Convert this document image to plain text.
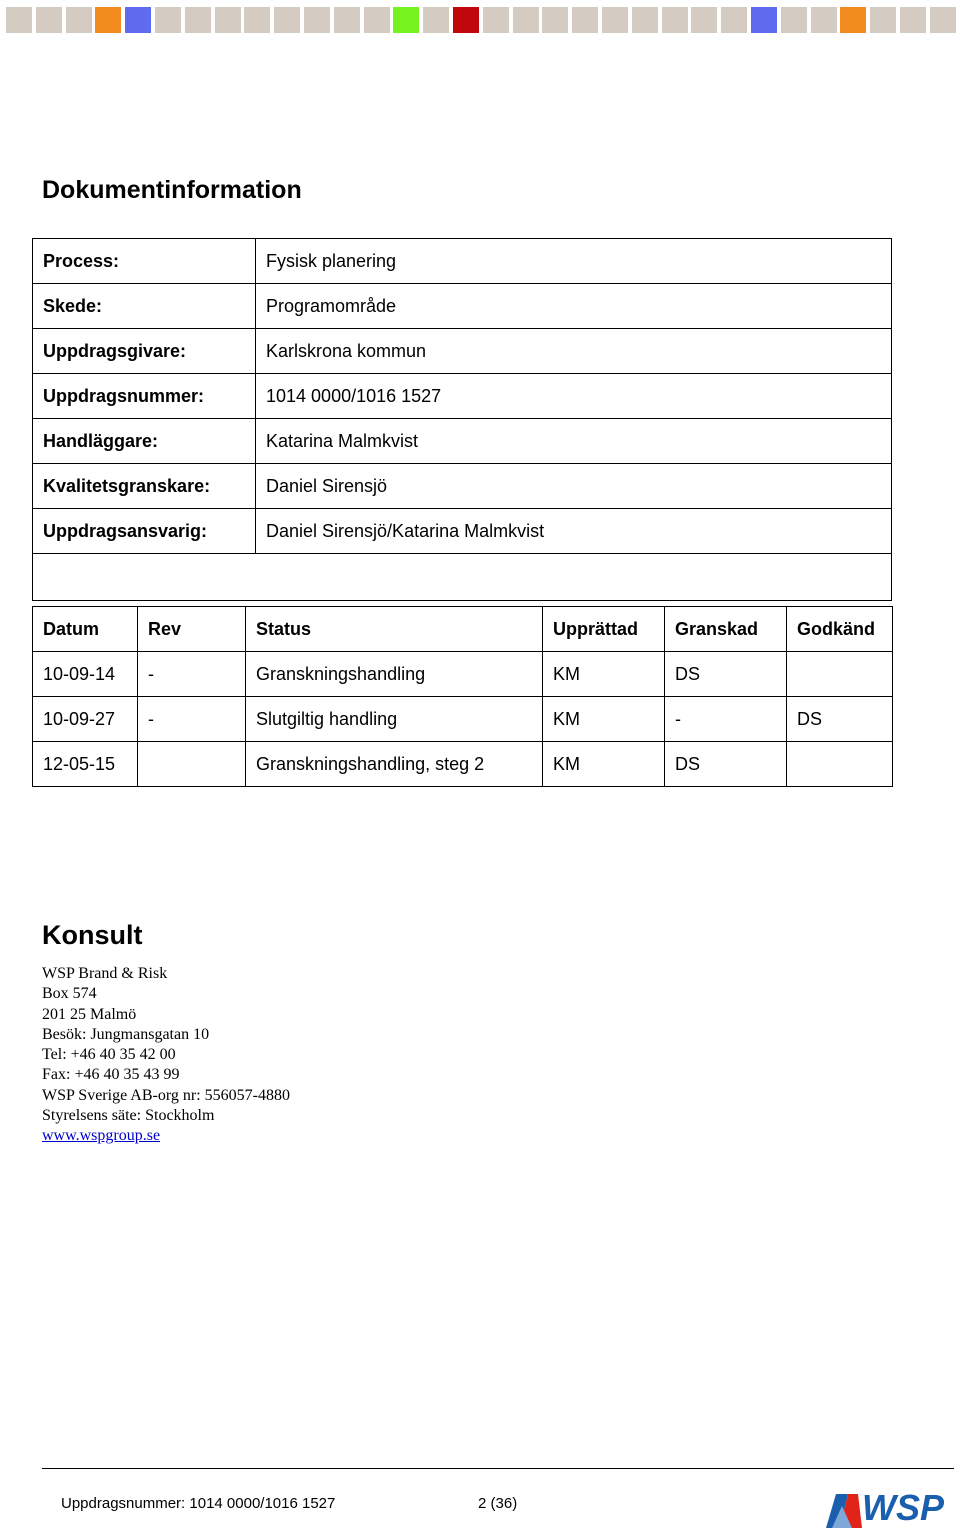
Dokumentinformation
Process:	Fysisk planering
Skede:	Programområde
Uppdragsgivare:	Karlskrona kommun
Uppdragsnummer:	1014 0000/1016 1527
Handläggare:	Katarina Malmkvist
Kvalitetsgranskare:	Daniel Sirensjö
Uppdragsansvarig:	Daniel Sirensjö/Katarina Malmkvist

Datum	Rev	Status	Upprättad	Granskad	Godkänd
10-09-14	-	Granskningshandling	KM	DS	
10-09-27	-	Slutgiltig handling	KM	-	DS
12-05-15		Granskningshandling, steg 2	KM	DS	
Konsult
WSP Brand & Risk
Box 574
201 25 Malmö
Besök: Jungmansgatan 10
Tel: +46 40 35 42 00
Fax: +46 40 35 43 99
WSP Sverige AB-org nr: 556057-4880
Styrelsens säte: Stockholm
www.wspgroup.se
Uppdragsnummer: 1014 0000/1016 1527	2 (36)	WSP
